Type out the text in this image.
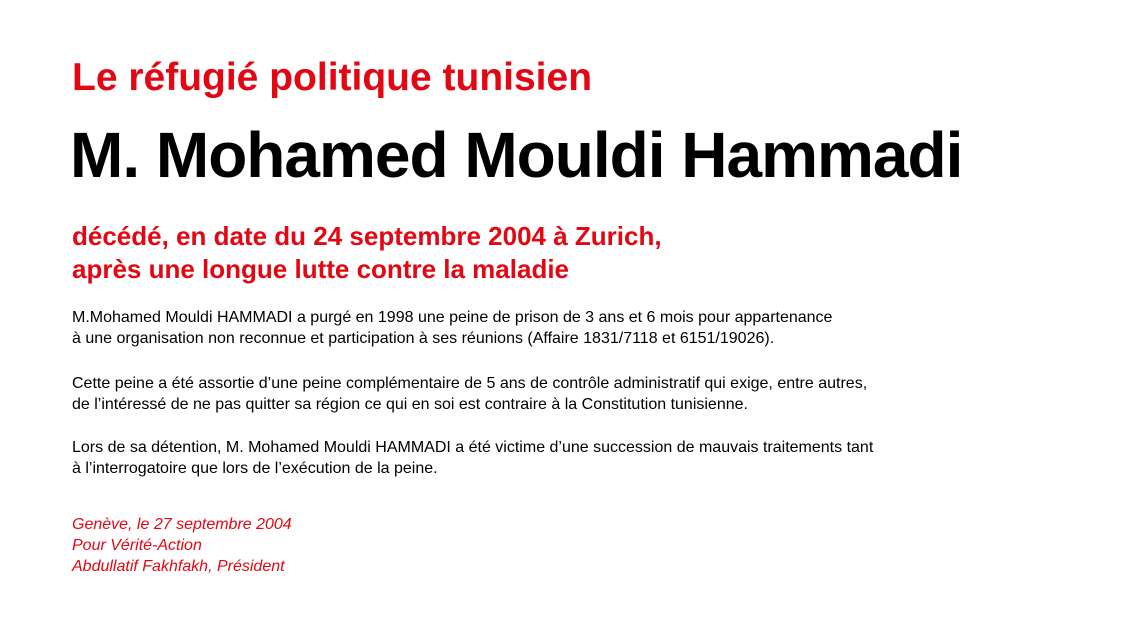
Le réfugié politique tunisien
M. Mohamed Mouldi Hammadi

décédé, en date du 24 septembre 2004 à Zurich,
après une longue lutte contre la maladie

M.Mohamed Mouldi HAMMADI a purgé en 1998 une peine de prison de 3 ans et 6 mois pour appartenance
à une organisation non reconnue et participation à ses réunions (Affaire 1831/7118 et 6151/19026).

Cette peine a été assortie d’une peine complémentaire de 5 ans de contrôle administratif qui exige, entre autres,
de l’intéressé de ne pas quitter sa région ce qui en soi est contraire à la Constitution tunisienne.

Lors de sa détention, M. Mohamed Mouldi HAMMADI a été victime d’une succession de mauvais traitements tant
à l’interrogatoire que lors de l’exécution de la peine.

Genève, le 27 septembre 2004
Pour Vérité-Action
Abdullatif Fakhfakh, Président
